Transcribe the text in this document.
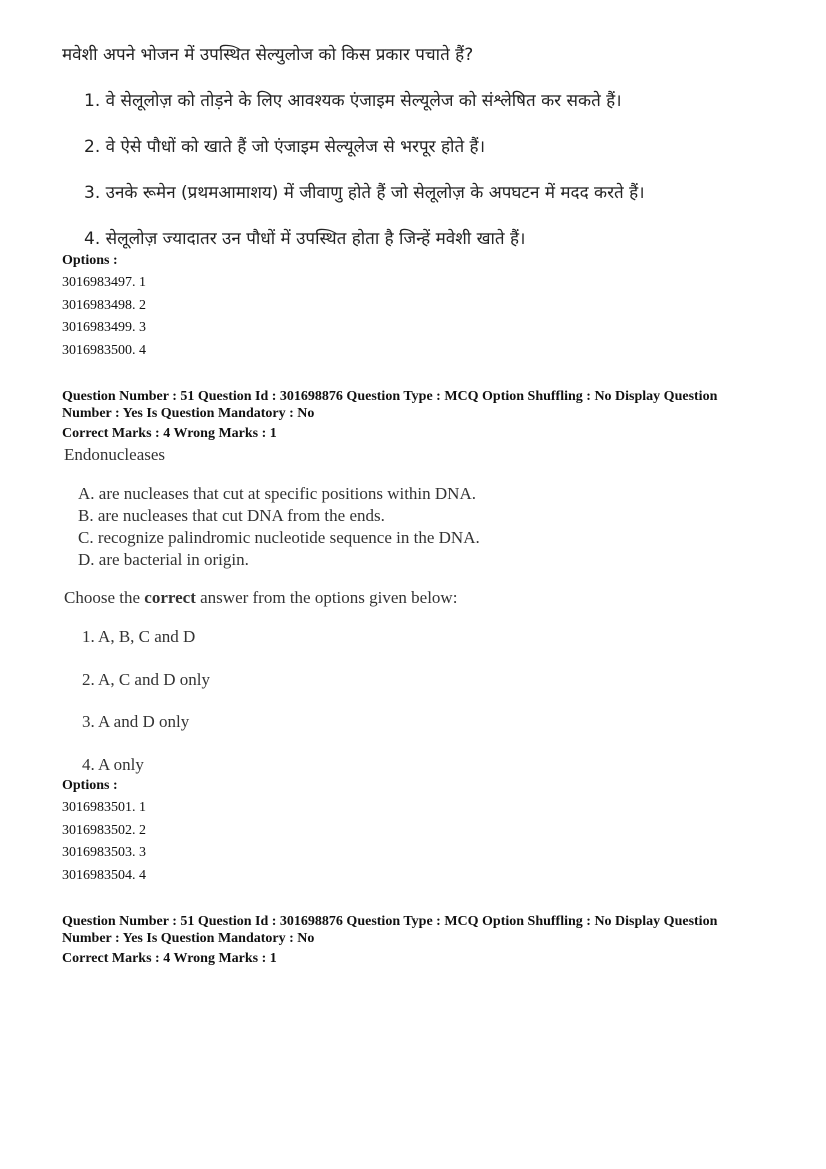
मवेशी अपने भोजन में उपस्थित सेल्युलोज को किस प्रकार पचाते हैं?
1. वे सेलूलोज़ को तोड़ने के लिए आवश्यक एंजाइम सेल्यूलेज को संश्लेषित कर सकते हैं।
2. वे ऐसे पौधों को खाते हैं जो एंजाइम सेल्यूलेज से भरपूर होते हैं।
3. उनके रूमेन (प्रथमआमाशय) में जीवाणु होते हैं जो सेलूलोज़ के अपघटन में मदद करते हैं।
4. सेलूलोज़ ज्यादातर उन पौधों में उपस्थित होता है जिन्हें मवेशी खाते हैं।
Options :
3016983497. 1
3016983498. 2
3016983499. 3
3016983500. 4
Question Number : 51 Question Id : 301698876 Question Type : MCQ Option Shuffling : No Display Question
Number : Yes Is Question Mandatory : No
Correct Marks : 4 Wrong Marks : 1
Endonucleases
A. are nucleases that cut at specific positions within DNA.
B. are nucleases that cut DNA from the ends.
C. recognize palindromic nucleotide sequence in the DNA.
D. are bacterial in origin.
Choose the correct answer from the options given below:
1. A, B, C and D
2. A, C and D only
3. A and D only
4. A only
Options :
3016983501. 1
3016983502. 2
3016983503. 3
3016983504. 4
Question Number : 51 Question Id : 301698876 Question Type : MCQ Option Shuffling : No Display Question
Number : Yes Is Question Mandatory : No
Correct Marks : 4 Wrong Marks : 1
